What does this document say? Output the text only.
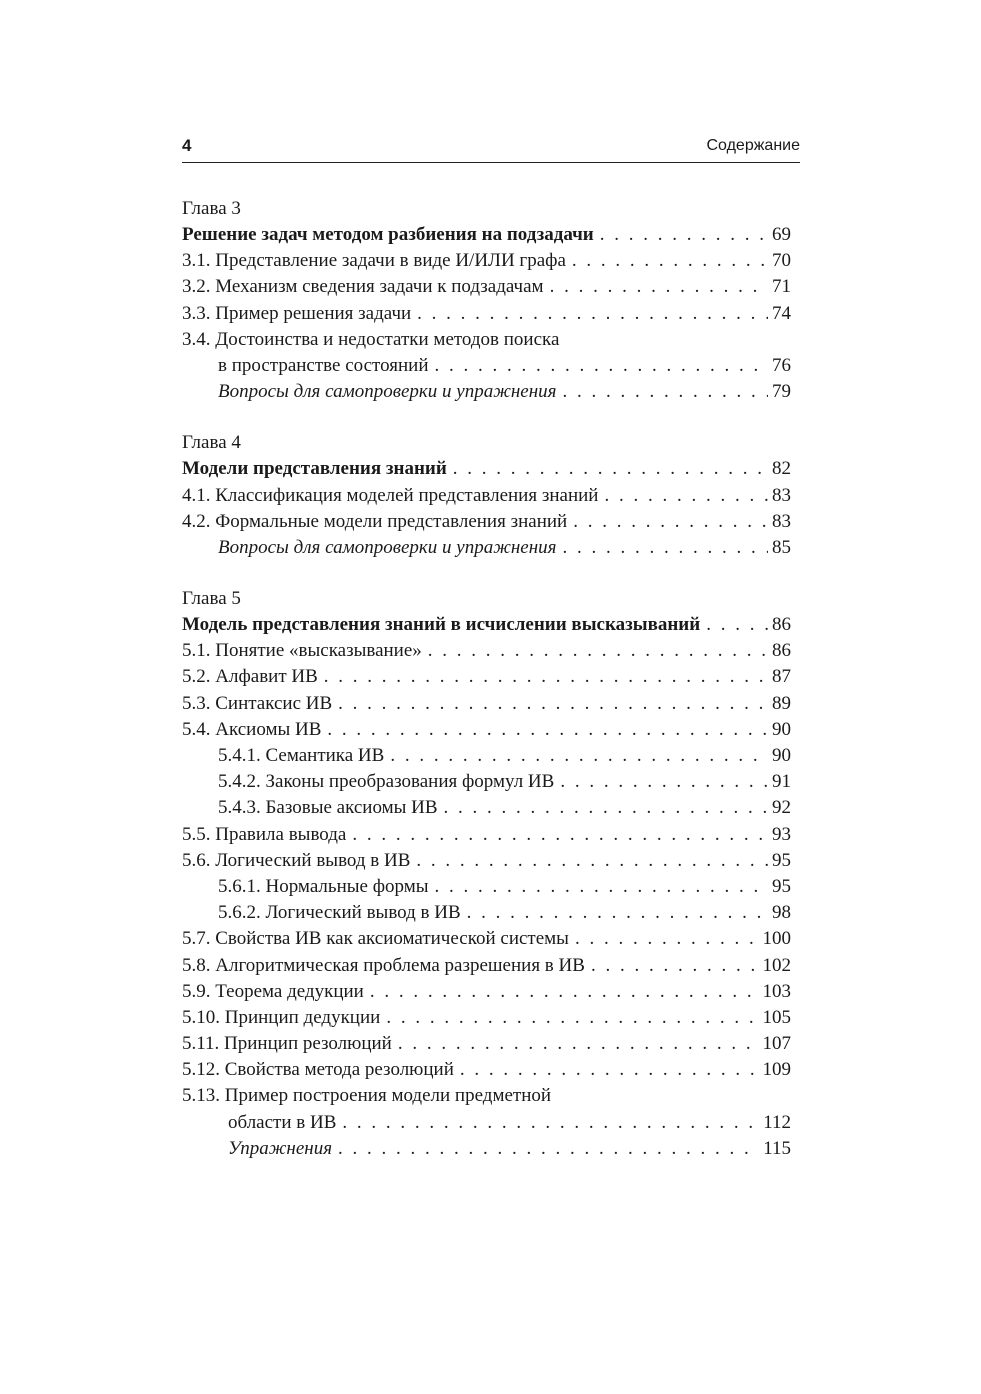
4	Содержание
Глава 3
Решение задач методом разбиения на подзадачи . . .	69
3.1. Представление задачи в виде И/ИЛИ графа . . .	70
3.2. Механизм сведения задачи к подзадачам . . .	71
3.3. Пример решения задачи . . .	74
3.4. Достоинства и недостатки методов поиска
в пространстве состояний . . .	76
Вопросы для самопроверки и упражнения . . .	79
Глава 4
Модели представления знаний . . .	82
4.1. Классификация моделей представления знаний . . .	83
4.2. Формальные модели представления знаний . . .	83
Вопросы для самопроверки и упражнения . . .	85
Глава 5
Модель представления знаний в исчислении высказываний . . .	86
5.1. Понятие «высказывание» . . .	86
5.2. Алфавит ИВ . . .	87
5.3. Синтаксис ИВ . . .	89
5.4. Аксиомы ИВ . . .	90
5.4.1. Семантика ИВ . . .	90
5.4.2. Законы преобразования формул ИВ . . .	91
5.4.3. Базовые аксиомы ИВ . . .	92
5.5. Правила вывода . . .	93
5.6. Логический вывод в ИВ . . .	95
5.6.1. Нормальные формы . . .	95
5.6.2. Логический вывод в ИВ . . .	98
5.7. Свойства ИВ как аксиоматической системы . . .	100
5.8. Алгоритмическая проблема разрешения в ИВ . . .	102
5.9. Теорема дедукции . . .	103
5.10. Принцип дедукции . . .	105
5.11. Принцип резолюций . . .	107
5.12. Свойства метода резолюций . . .	109
5.13. Пример построения модели предметной
области в ИВ . . .	112
Упражнения . . .	115
